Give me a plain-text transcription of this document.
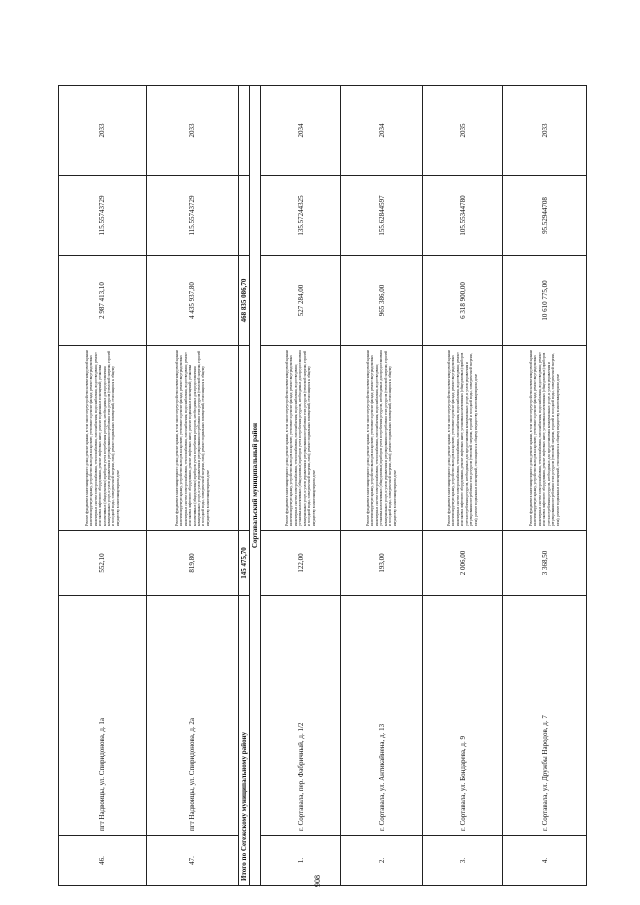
908
46.	пгт Надвоицы, ул. Спиридонова, д. 1а	552,10	Ремонт фундамента многоквартирного дома; ремонт крыши, в том числе переустройство невентилируемой крыши на вентилируемую крышу, устройство выходов на кровлю; утепление и ремонт фасада; ремонт внутридомовых инженерных систем электроснабжения, теплоснабжения, газоснабжения, водоснабжения, водоотведения; ремонт или замена лифтового оборудования, ремонт лифтовых шахт; ремонт подвальных помещений; установка коллективных (общедомовых) приборов учета потребления ресурсов, необходимых для предоставления коммунальных услуг, и узлов управления и регулирования потребления этих ресурсов (тепловой энергии, горячей и холодной воды, электрической энергии, газа); ремонт подвальных помещений, относящихся к общему имуществу в многоквартирном доме	2 987 413,10	115.55743729	2033
47.	пгт Надвоицы, ул. Спиридонова, д. 2а	819,80	Ремонт фундамента многоквартирного дома; ремонт крыши, в том числе переустройство невентилируемой крыши на вентилируемую крышу, устройство выходов на кровлю; утепление и ремонт фасада; ремонт внутридомовых инженерных систем электроснабжения, теплоснабжения, газоснабжения, водоснабжения, водоотведения; ремонт или замена лифтового оборудования, ремонт лифтовых шахт; ремонт подвальных помещений; установка коллективных (общедомовых) приборов учета потребления ресурсов, необходимых для предоставления коммунальных услуг, и узлов управления и регулирования потребления этих ресурсов (тепловой энергии, горячей и холодной воды, электрической энергии, газа); ремонт подвальных помещений, относящихся к общему имуществу в многоквартирном доме	4 435 937,80	115.55743729	2033
Итого по Сегежскому муниципальному району		145 475,70		468 835 086,70		
Сортавальский муниципальный район						
1.	г. Сортавала, пер. Фабричный, д. 1/2	122,00	Ремонт фундамента многоквартирного дома; ремонт крыши, в том числе переустройство невентилируемой крыши на вентилируемую крышу, устройство выходов на кровлю; утепление и ремонт фасада; ремонт внутридомовых инженерных систем электроснабжения, теплоснабжения, газоснабжения, водоснабжения, водоотведения; установка коллективных (общедомовых) приборов учета потребления ресурсов, необходимых для предоставления коммунальных услуг, и узлов управления и регулирования потребления этих ресурсов (тепловой энергии, горячей и холодной воды, электрической энергии, газа); ремонт подвальных помещений, относящихся к общему имуществу в многоквартирном доме	527 284,00	135.57244325	2034
2.	г. Сортавала, ул. Антикайнена, д. 13	193,00	Ремонт фундамента многоквартирного дома; ремонт крыши, в том числе переустройство невентилируемой крыши на вентилируемую крышу, устройство выходов на кровлю; утепление и ремонт фасада; ремонт внутридомовых инженерных систем электроснабжения, теплоснабжения, газоснабжения, водоснабжения, водоотведения; установка коллективных (общедомовых) приборов учета потребления ресурсов, необходимых для предоставления коммунальных услуг, и узлов управления и регулирования потребления этих ресурсов (тепловой энергии, горячей и холодной воды, электрической энергии, газа); ремонт подвальных помещений, относящихся к общему имуществу в многоквартирном доме	965 386,00	155.62844597	2034
3.	г. Сортавала, ул. Бондарева, д. 9	2 006,00	Ремонт фундамента многоквартирного дома; ремонт крыши, в том числе переустройство невентилируемой крыши на вентилируемую крышу, устройство выходов на кровлю; утепление и ремонт фасада; ремонт внутридомовых инженерных систем электроснабжения, теплоснабжения, газоснабжения, водоснабжения, водоотведения; ремонт или замена лифтового оборудования, ремонт лифтовых шахт; установка коллективных (общедомовых) приборов учета потребления ресурсов, необходимых для предоставления коммунальных услуг, и узлов управления и регулирования потребления этих ресурсов (тепловой энергии, горячей и холодной воды, электрической энергии, газа); ремонт подвальных помещений, относящихся к общему имуществу в многоквартирном доме	6 318 900,00	105.55344780	2035
4.	г. Сортавала, ул. Дружбы Народов, д. 7	3 368,50	Ремонт фундамента многоквартирного дома; ремонт крыши, в том числе переустройство невентилируемой крыши на вентилируемую крышу, устройство выходов на кровлю; утепление и ремонт фасада; ремонт внутридомовых инженерных систем электроснабжения, теплоснабжения, газоснабжения, водоснабжения, водоотведения; ремонт или замена лифтового оборудования, ремонт лифтовых шахт; установка коллективных (общедомовых) приборов учета потребления ресурсов, необходимых для предоставления коммунальных услуг, и узлов управления и регулирования потребления этих ресурсов (тепловой энергии, горячей и холодной воды, электрической энергии, газа); ремонт подвальных помещений, относящихся к общему имуществу в многоквартирном доме	10 610 775,00	95.52944708	2033
